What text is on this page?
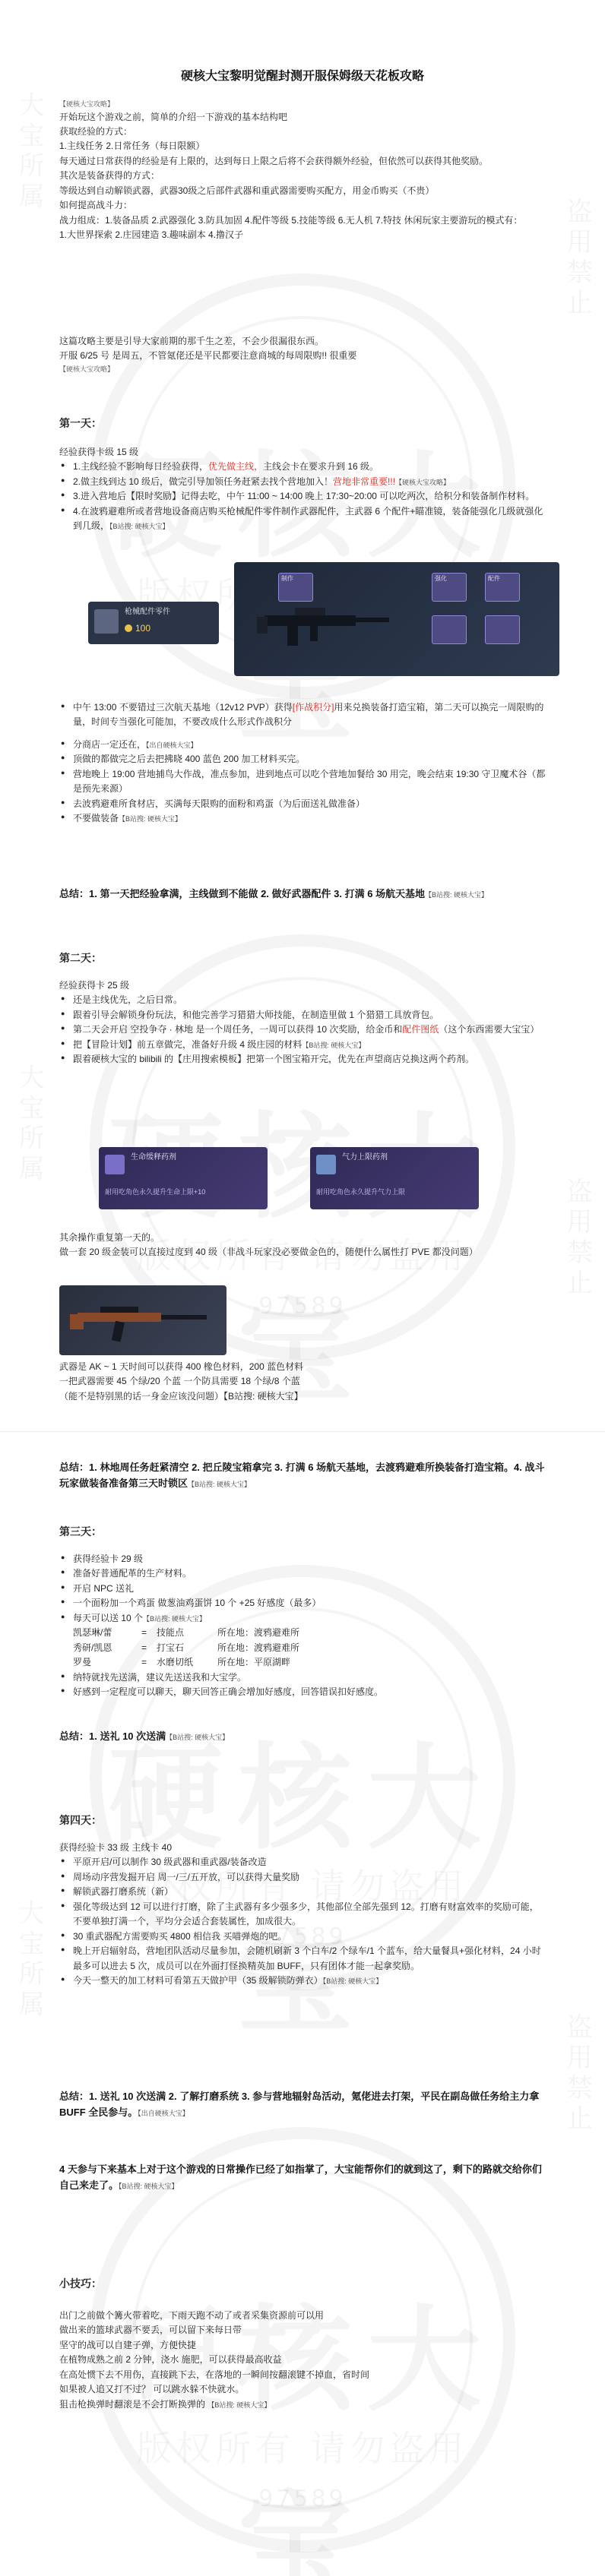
97589
97589
97589
大宝所属
盗用禁止
大宝所属
盗用禁止
大宝所属
盗用禁止
硬核大宝黎明觉醒封测开服保姆级天花板攻略
【硬核大宝攻略】

开始玩这个游戏之前，简单的介绍一下游戏的基本结构吧

获取经验的方式：

1.主线任务 2.日常任务（每日限额）

每天通过日常获得的经验是有上限的，达到每日上限之后将不会获得额外经验，但依然可以获得其他奖励。

其次是装备获得的方式：

等级达到自动解锁武器，武器30级之后部件武器和重武器需要购买配方，用金币购买（不贵）

如何提高战斗力：

战力组成：1.装备品质 2.武器强化 3.防具加固 4.配件等级 5.技能等级 6.无人机 7.特技 休闲玩家主要游玩的模式有：

1.大世界探索 2.庄园建造 3.趣味副本 4.撸汉子

这篇攻略主要是引导大家前期的那千生之差，不会少很漏很东西。

开服 6/25 号 是周五，不管氪佬还是平民都要注意商城的每周限购!! 很重要

【硬核大宝攻略】
第一天：

经验获得卡级 15 级

● 1.主线经验不影响每日经验获得，优先做主线，主线会卡在要求升到 16 级。
● 2.做主线到达 10 级后，做完引导加领任务赶紧去找个营地加入！营地非常重要!!!【硬核大宝攻略】
● 3.进入营地后【限时奖励】记得去吃，中午 11:00 ~ 14:00 晚上 17:30~20:00 可以吃两次，给积分和装备制作材料。
● 4.在波鸦避难所或者营地设备商店购买枪械配件零件制作武器配件，主武器 6 个配件+瞄准镜，装备能强化几级就强化到几级，【B站搜: 硬核大宝】
枪械配件零件
100
制作	强化	配件
● 中午 13:00 不要错过三次航天基地（12v12 PVP）获得[作战积分]用来兑换装备打造宝箱，第二天可以换完一周限购的量，时间专当强化可能加，不要改成什么形式作战积分
● 分商店一定还在，【出自硬核大宝】
● 顶做的都做完之后去把拂晓 400 蓝色 200 加工材料买完。
● 营地晚上 19:00 营地捕鸟大作战，准点参加，进到地点可以吃个营地加餐给 30 用完，晚会结束 19:30 守卫魔术谷（都是预先来源）
● 去波鸦避难所食材店，买满每天限购的面粉和鸡蛋（为后面送礼做准备）
● 不要做装备【B站搜: 硬核大宝】
总结：1. 第一天把经验拿满，主线做到不能做 2. 做好武器配件 3. 打满 6 场航天基地【B站搜: 硬核大宝】
第二天：

经验获得卡 25 级

● 还是主线优先，之后日常。
● 跟着引导会解锁身份玩法，和他完善学习猎猎大师技能，在制造里做 1 个猎猎工具放背包。
● 第二天会开启 空投争夺 · 林地 是一个周任务，一周可以获得 10 次奖励，给金币和配件图纸（这个东西需要大宝宝）
● 把【冒险计划】前五章做完，准备好升级 4 级庄园的材料【B站搜: 硬核大宝】
● 跟着硬核大宝的 bilibili 的【庄用搜索模板】把第一个图宝箱开完，优先在声望商店兑换这两个药剂。
生命缓释药剂
耐用吃角色永久提升生命上限+10
气力上限药剂
耐用吃角色永久提升气力上限

其余操作重复第一天的。

做一套 20 级金装可以直接过度到 40 级（非战斗玩家没必要做金色的，随便什么属性打 PVE 都没问题）

武器是 AK ~ 1 天时间可以获得 400 橡色材料，200 蓝色材料

一把武器需要 45 个绿/20 个蓝 一个防具需要 18 个绿/8 个蓝

（能不是特别黑的话一身金应该没问题）【B站搜: 硬核大宝】

总结：1. 林地周任务赶紧清空 2. 把丘陵宝箱拿完 3. 打满 6 场航天基地，去渡鸦避难所换装备打造宝箱。4. 战斗玩家做装备准备第三天时锁区【B站搜: 硬核大宝】
第三天：
● 获得经验卡 29 级
● 准备好普通配革的生产材料。
● 开启 NPC 送礼
● 一个面粉加一个鸡蛋 做葱油鸡蛋饼 10 个 +25 好感度（最多）
● 每天可以送 10 个【B站搜: 硬核大宝】
凯瑟琳/蕾	=	技能点	所在地：渡鸦避难所
秀研/凯恩	=	打宝石	所在地：渡鸦避难所
罗曼	=	水磨切纸	所在地：平原湖畔
● 纳特就找先送满，建议先送送我和大宝学。
● 好感到一定程度可以聊天，聊天回答正确会增加好感度，回答错误扣好感度。
总结：1. 送礼 10 次送满【B站搜: 硬核大宝】
第四天：

获得经验卡 33 级 主线卡 40

● 平原开启/可以制作 30 级武器和重武器/装备改造
● 周场动序营发掘开启 周一/三/五开放，可以获得大量奖励
● 解锁武器打磨系统（新）
● 强化等级达到 12 可以进行打磨，除了主武器有多少强多少，其他部位全部先强到 12。打磨有财富效率的奖励可能，不要单独打满一个，平均分会适合套装属性，加成很大。
● 30 重武器配方需要购买 4800 相信我 买喵弹炮的吧。
● 晚上开启辐射岛，营地团队活动尽量参加，会随机刷新 3 个白车/2 个绿车/1 个蓝车，给大量餐具+强化材料，24 小时最多可以进去 5 次，成员可以在外面打怪换精英加 BUFF，只有团体才能一起拿奖励。
● 今天一整天的加工材料可看第五天做护甲（35 级解锁防弹衣）【B站搜: 硬核大宝】
总结：1. 送礼 10 次送满 2. 了解打磨系统 3. 参与营地辐射岛活动，氪佬进去打架，平民在副岛做任务给主力拿 BUFF 全民参与。【出自硬核大宝】
4 天参与下来基本上对于这个游戏的日常操作已经了如指掌了，大宝能帮你们的就到这了，剩下的路就交给你们自己来走了。【B站搜: 硬核大宝】
小技巧：

出门之前做个篝火带着吃，下雨天跑不动了或者采集资源前可以用

做出来的篮球武器不要丢，可以留下来每日带

坚守的战可以自建子弹，方便快捷

在植物成熟之前 2 分钟，浇水 施肥，可以获得最高收益

在高处惯下去不用伤，直接跳下去，在落地的一瞬间按翻滚键不掉血，省时间

如果被人追又打不过？ 可以跳水躲不快就水。

狙击枪换弹时翻滚是不会打断换弹的 【B站搜: 硬核大宝】
